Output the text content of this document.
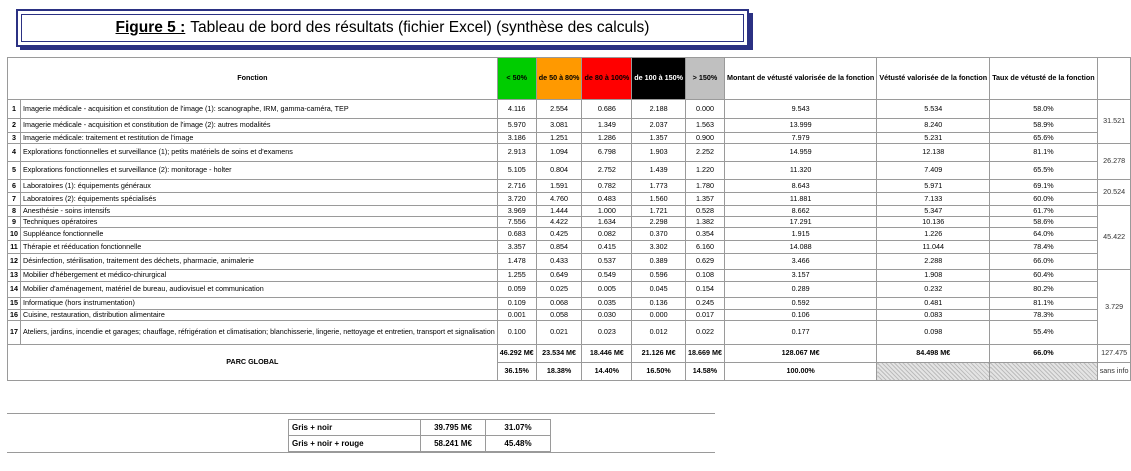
Figure 5 : Tableau de bord des résultats (fichier Excel) (synthèse des calculs)
Fonction		< 50%	de 50 à 80%	de 80 à 100%	de 100 à 150%	> 150%	Montant de vétusté valorisée de la fonction	Vétusté valorisée de la fonction	Taux de vétusté de la fonction	
1	Imagerie médicale - acquisition et constitution de l'image (1): scanographe, IRM, gamma-caméra, TEP	4.116	2.554	0.686	2.188	0.000	9.543	5.534	58.0%	31.521
2	Imagerie médicale - acquisition et constitution de l'image (2): autres modalités	5.970	3.081	1.349	2.037	1.563	13.999	8.240	58.9%	
3	Imagerie médicale: traitement et restitution de l'image	3.186	1.251	1.286	1.357	0.900	7.979	5.231	65.6%	
4	Explorations fonctionnelles et surveillance (1); petits matériels de soins et d'examens	2.913	1.094	6.798	1.903	2.252	14.959	12.138	81.1%	26.278
5	Explorations fonctionnelles et surveillance (2): monitorage - holter	5.105	0.804	2.752	1.439	1.220	11.320	7.409	65.5%	
6	Laboratoires (1): équipements généraux	2.716	1.591	0.782	1.773	1.780	8.643	5.971	69.1%	20.524
7	Laboratoires (2): équipements spécialisés	3.720	4.760	0.483	1.560	1.357	11.881	7.133	60.0%	
8	Anesthésie - soins intensifs	3.969	1.444	1.000	1.721	0.528	8.662	5.347	61.7%	45.422
9	Techniques opératoires	7.556	4.422	1.634	2.298	1.382	17.291	10.136	58.6%	
10	Suppléance fonctionnelle	0.683	0.425	0.082	0.370	0.354	1.915	1.226	64.0%	
11	Thérapie et rééducation fonctionnelle	3.357	0.854	0.415	3.302	6.160	14.088	11.044	78.4%	
12	Désinfection, stérilisation, traitement des déchets, pharmacie, animalerie	1.478	0.433	0.537	0.389	0.629	3.466	2.288	66.0%	
13	Mobilier d'hébergement et médico-chirurgical	1.255	0.649	0.549	0.596	0.108	3.157	1.908	60.4%	3.729
14	Mobilier d'aménagement, matériel de bureau, audiovisuel et communication	0.059	0.025	0.005	0.045	0.154	0.289	0.232	80.2%	
15	Informatique (hors instrumentation)	0.109	0.068	0.035	0.136	0.245	0.592	0.481	81.1%	
16	Cuisine, restauration, distribution alimentaire	0.001	0.058	0.030	0.000	0.017	0.106	0.083	78.3%	
17	Ateliers, jardins, incendie et garages; chauffage, réfrigération et climatisation; blanchisserie, lingerie, nettoyage et entretien, transport et signalisation	0.100	0.021	0.023	0.012	0.022	0.177	0.098	55.4%	
PARC GLOBAL		46.292 M€	23.534 M€	18.446 M€	21.126 M€	18.669 M€	128.067 M€	84.498 M€	66.0%	127.475
		36.15%	18.38%	14.40%	16.50%	14.58%	100.00%			sans info
Gris + noir	39.795 M€	31.07%
Gris + noir + rouge	58.241 M€	45.48%
